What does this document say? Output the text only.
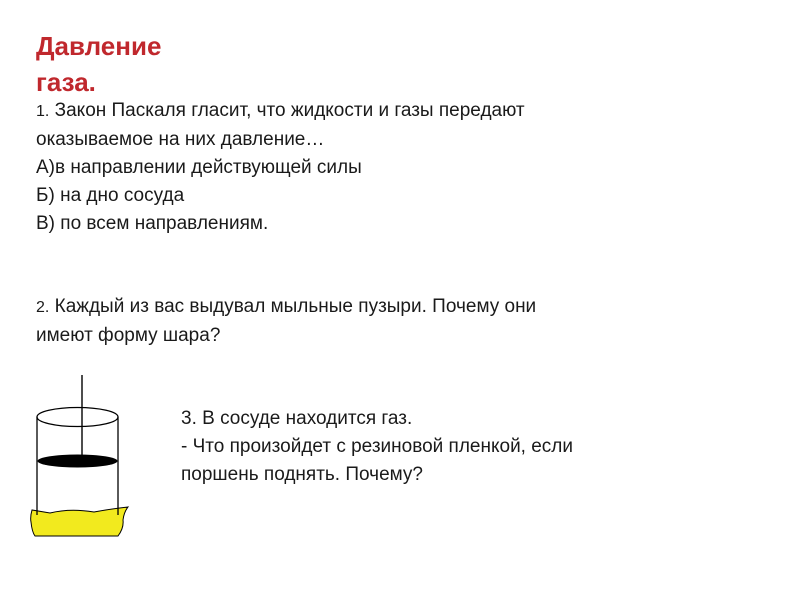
Давление
газа.
1. Закон Паскаля гласит, что жидкости и газы передают
оказываемое на них давление…
А)в направлении действующей силы
Б) на дно сосуда
В) по всем направлениям.
2. Каждый из вас выдувал мыльные пузыри. Почему они
имеют форму шара?
3. В сосуде находится газ.
- Что произойдет с резиновой пленкой, если
поршень поднять. Почему?
